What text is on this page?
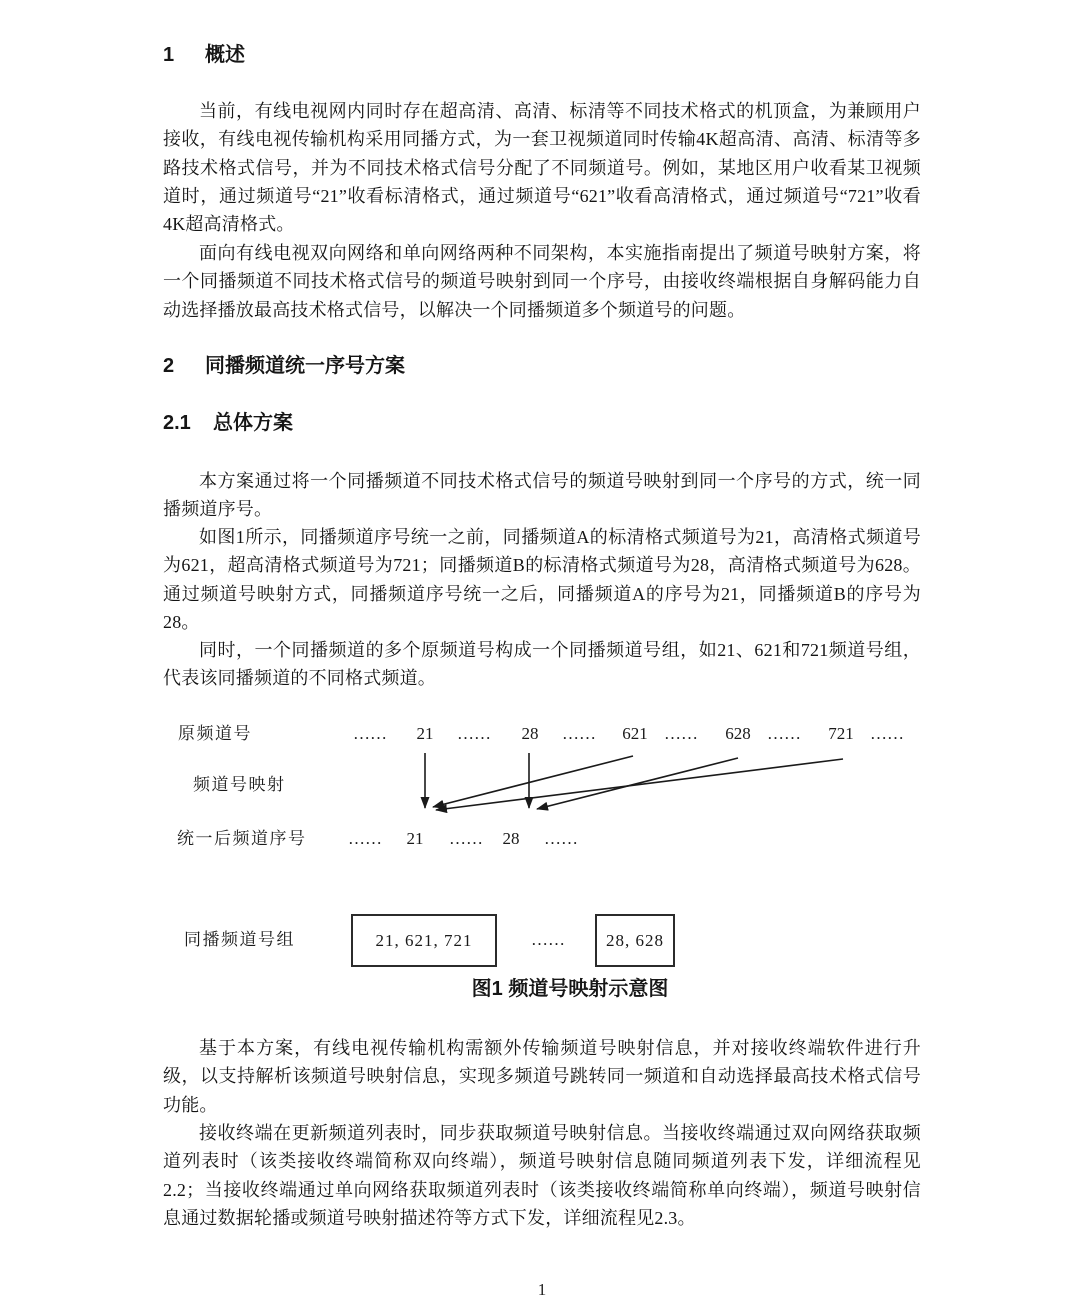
1 概述
当前，有线电视网内同时存在超高清、高清、标清等不同技术格式的机顶盒，为兼顾用户接收，有线电视传输机构采用同播方式，为一套卫视频道同时传输4K超高清、高清、标清等多路技术格式信号，并为不同技术格式信号分配了不同频道号。例如，某地区用户收看某卫视频道时，通过频道号“21”收看标清格式，通过频道号“621”收看高清格式，通过频道号“721”收看4K超高清格式。
面向有线电视双向网络和单向网络两种不同架构，本实施指南提出了频道号映射方案，将一个同播频道不同技术格式信号的频道号映射到同一个序号，由接收终端根据自身解码能力自动选择播放最高技术格式信号，以解决一个同播频道多个频道号的问题。
2 同播频道统一序号方案
2.1 总体方案
本方案通过将一个同播频道不同技术格式信号的频道号映射到同一个序号的方式，统一同播频道序号。
如图1所示，同播频道序号统一之前，同播频道A的标清格式频道号为21，高清格式频道号为621，超高清格式频道号为721；同播频道B的标清格式频道号为28，高清格式频道号为628。通过频道号映射方式，同播频道序号统一之后，同播频道A的序号为21，同播频道B的序号为28。
同时，一个同播频道的多个原频道号构成一个同播频道号组，如21、621和721频道号组，代表该同播频道的不同格式频道。
原频道号
频道号映射
统一后频道序号
同播频道号组
…… 21 …… 28 …… 621 …… 628 …… 721 ……
…… 21 …… 28 ……
21, 621, 721	……	28, 628
图1 频道号映射示意图
基于本方案，有线电视传输机构需额外传输频道号映射信息，并对接收终端软件进行升级，以支持解析该频道号映射信息，实现多频道号跳转同一频道和自动选择最高技术格式信号功能。
接收终端在更新频道列表时，同步获取频道号映射信息。当接收终端通过双向网络获取频道列表时（该类接收终端简称双向终端），频道号映射信息随同频道列表下发，详细流程见2.2；当接收终端通过单向网络获取频道列表时（该类接收终端简称单向终端），频道号映射信息通过数据轮播或频道号映射描述符等方式下发，详细流程见2.3。
1
